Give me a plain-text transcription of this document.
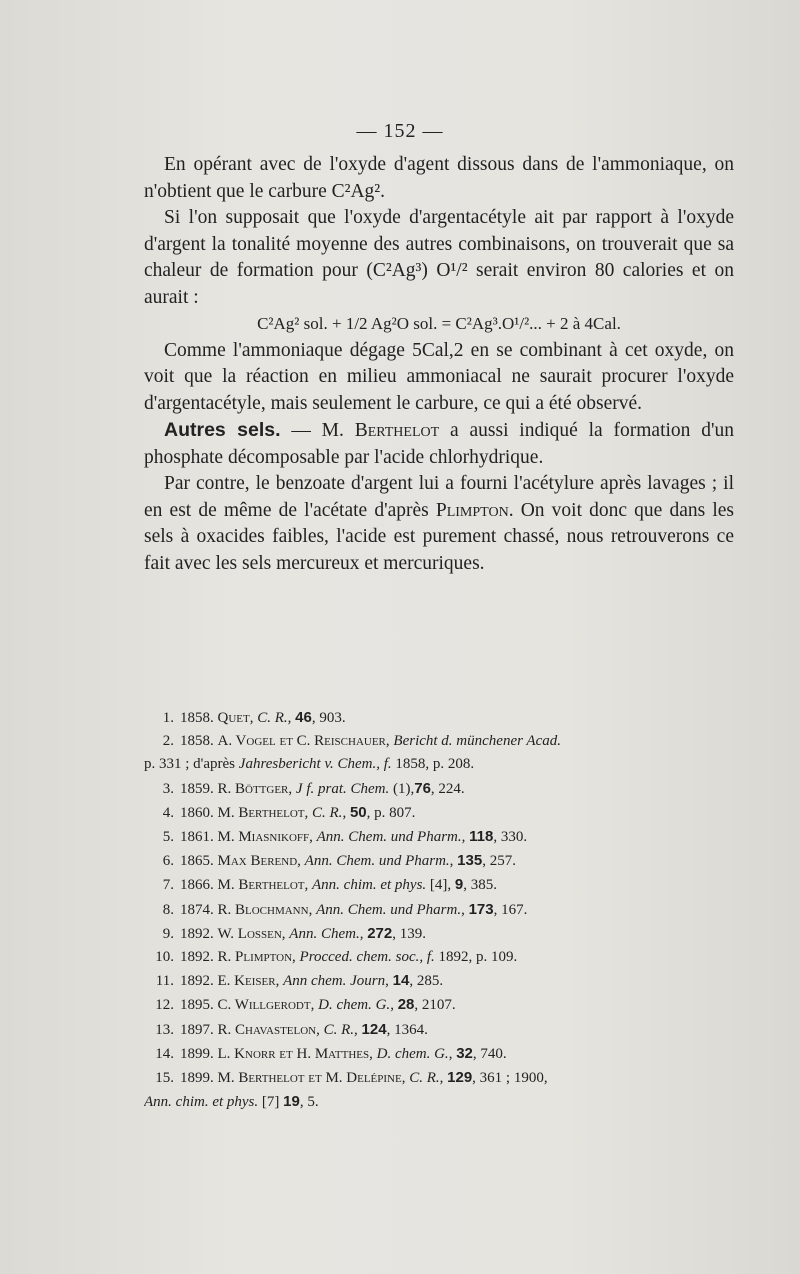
— 152 —

En opérant avec de l'oxyde d'agent dissous dans de l'ammoniaque, on n'obtient que le carbure C²Ag².

Si l'on supposait que l'oxyde d'argentacétyle ait par rapport à l'oxyde d'argent la tonalité moyenne des autres combinaisons, on trouverait que sa chaleur de formation pour (C²Ag³) O¹/² serait environ 80 calories et on aurait :

C²Ag² sol. + 1/2 Ag²O sol. = C²Ag³.O¹/²... + 2 à 4Cal.

Comme l'ammoniaque dégage 5Cal,2 en se combinant à cet oxyde, on voit que la réaction en milieu ammoniacal ne saurait procurer l'oxyde d'argentacétyle, mais seulement le carbure, ce qui a été observé.

Autres sels. — M. Berthelot a aussi indiqué la formation d'un phosphate décomposable par l'acide chlorhydrique.

Par contre, le benzoate d'argent lui a fourni l'acétylure après lavages ; il en est de même de l'acétate d'après Plimpton. On voit donc que dans les sels à oxacides faibles, l'acide est purement chassé, nous retrouverons ce fait avec les sels mercureux et mercuriques.

1. 1858. Quet, C. R., 46, 903.
2. 1858. A. Vogel et C. Reischauer, Bericht d. münchener Acad.
p. 331 ; d'après Jahresbericht v. Chem., f. 1858, p. 208.
3. 1859. R. Böttger, J f. prat. Chem. (1),76, 224.
4. 1860. M. Berthelot, C. R., 50, p. 807.
5. 1861. M. Miasnikoff, Ann. Chem. und Pharm., 118, 330.
6. 1865. Max Berend, Ann. Chem. und Pharm., 135, 257.
7. 1866. M. Berthelot, Ann. chim. et phys. [4], 9, 385.
8. 1874. R. Blochmann, Ann. Chem. und Pharm., 173, 167.
9. 1892. W. Lossen, Ann. Chem., 272, 139.
10. 1892. R. Plimpton, Procced. chem. soc., f. 1892, p. 109.
11. 1892. E. Keiser, Ann chem. Journ, 14, 285.
12. 1895. C. Willgerodt, D. chem. G., 28, 2107.
13. 1897. R. Chavastelon, C. R., 124, 1364.
14. 1899. L. Knorr et H. Matthes, D. chem. G., 32, 740.
15. 1899. M. Berthelot et M. Delépine, C. R., 129, 361 ; 1900,
Ann. chim. et phys. [7] 19, 5.
